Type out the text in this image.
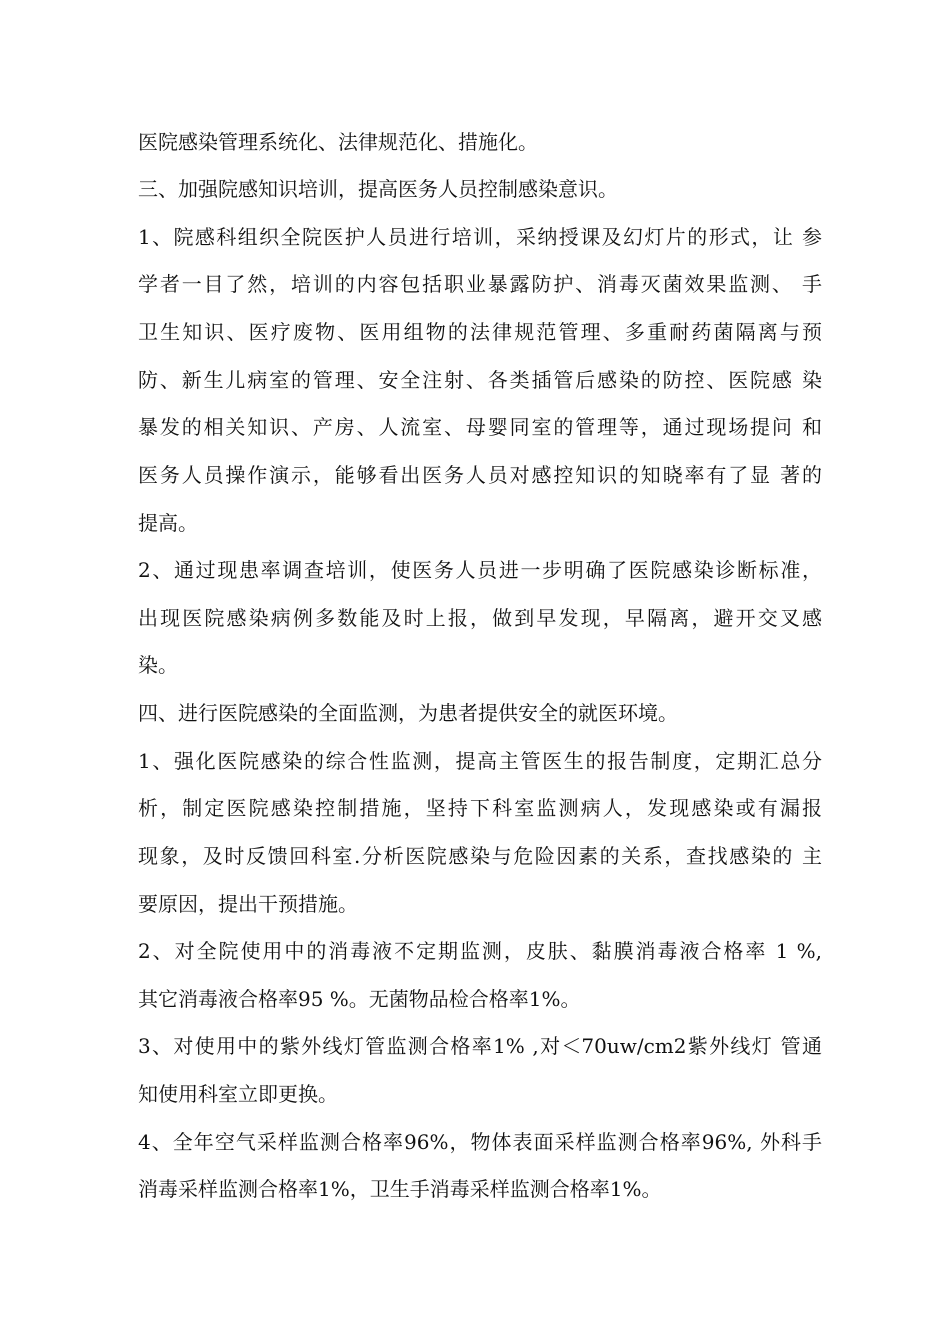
医院感染管理系统化、法律规范化、措施化。
三、加强院感知识培训，提高医务人员控制感染意识。
1、院感科组织全院医护人员进行培训，采纳授课及幻灯片的形式，让 参
学者一目了然，培训的内容包括职业暴露防护、消毒灭菌效果监测、 手
卫生知识、医疗废物、医用组物的法律规范管理、多重耐药菌隔离与预
防、新生儿病室的管理、安全注射、各类插管后感染的防控、医院感 染
暴发的相关知识、产房、人流室、母婴同室的管理等，通过现场提问 和
医务人员操作演示，能够看出医务人员对感控知识的知晓率有了显 著的
提高。
2、通过现患率调查培训，使医务人员进一步明确了医院感染诊断标准，
出现医院感染病例多数能及时上报，做到早发现，早隔离，避开交叉感
染。
四、进行医院感染的全面监测，为患者提供安全的就医环境。
1、强化医院感染的综合性监测，提高主管医生的报告制度，定期汇总分
析，制定医院感染控制措施，坚持下科室监测病人，发现感染或有漏报
现象，及时反馈回科室.分析医院感染与危险因素的关系，查找感染的 主
要原因，提出干预措施。
2、对全院使用中的消毒液不定期监测，皮肤、黏膜消毒液合格率 1 %,
其它消毒液合格率95 %。无菌物品检合格率1%。
3、对使用中的紫外线灯管监测合格率1% ,对＜70uw/cm2紫外线灯 管通
知使用科室立即更换。
4、全年空气采样监测合格率96%，物体表面采样监测合格率96%, 外科手
消毒采样监测合格率1%，卫生手消毒采样监测合格率1%。
